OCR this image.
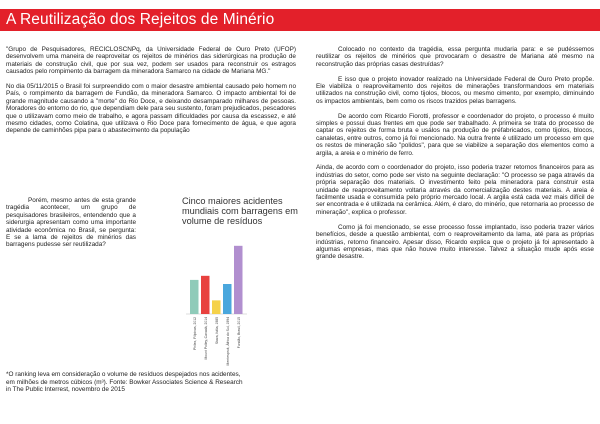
A Reutilização dos Rejeitos de Minério

"Grupo de Pesquisadores, RECICLOSCNPq, da Universidade Federal de Ouro Preto (UFOP) desenvolvem uma maneira de reaproveitar os rejeitos de minérios das siderúrgicas na produção de materiais de construção civil, que por sua vez, podem ser usados para reconstruir os estragos causados pelo rompimento da barragem da mineradora Samarco na cidade de Mariana MG."

No dia 05/11/2015 o Brasil foi surpreendido com o maior desastre ambiental causado pelo homem no País, o rompimento da barragem de Fundão, da mineradora Samarco. O impacto ambiental foi de grande magnitude causando a "morte" do Rio Doce, e deixando desamparado milhares de pessoas. Moradores do entorno do rio, que dependiam dele para seu sustento, foram prejudicados, pescadores que o utilizavam como meio de trabalho, e agora passam dificuldades por causa da escassez, e até mesmo cidades, como Colatina, que utilizava o Rio Doce para fornecimento de água, e que agora depende de caminhões pipa para o abastecimento da população

Porém, mesmo antes de esta grande tragédia acontecer, um grupo de pesquisadores brasileiros, entendendo que a siderurgia apresentam como uma importante atividade econômica no Brasil, se pergunta: E se a lama de rejeitos de minérios das barragens pudesse ser reutilizada?
Cinco maiores acidentes mundiais com barragens em volume de resíduos
Philex, Filipinas, 2012 Mount Polley, Canadá, 2014 Stava, Itália, 1985 Merriespruit, África do Sul, 1994 Fundão, Brasil, 2015
*O ranking leva em consideração o volume de resíduos despejados nos acidentes, em milhões de metros cúbicos (m³). Fonte: Bowker Associates Science & Research in The Public Interrest, novembro de 2015

Colocado no contexto da tragédia, essa pergunta mudaria para: e se pudéssemos reutilizar os rejeitos de minérios que provocaram o desastre de Mariana até mesmo na reconstrução das próprias casas destruídas?

E isso que o projeto inovador realizado na Universidade Federal de Ouro Preto propõe. Ele viabiliza o reaproveitamento dos rejeitos de minerações transformandoos em materiais utilizados na construção civil, como tijolos, blocos, ou mesmo cimento, por exemplo, diminuindo os impactos ambientais, bem como os riscos trazidos pelas barragens.

De acordo com Ricardo Fiorotti, professor e coordenador do projeto, o processo é muito simples e possui duas frentes em que pode ser trabalhado. A primeira se trata do processo de captar os rejeitos de forma bruta e usálos na produção de préfabricados, como tijolos, blocos, canaletas, entre outros, como já foi mencionado. Na outra frente é utilizado um processo em que os restos de mineração são "polidos", para que se viabilize a separação dos elementos como a argila, a areia e o minério de ferro.

Ainda, de acordo com o coordenador do projeto, isso poderia trazer retornos financeiros para as indústrias do setor, como pode ser visto na seguinte declaração: "O processo se paga através da própria separação dos materiais. O investimento feito pela mineradora para construir esta unidade de reaproveitamento voltaria através da comercialização destes materiais. A areia é facilmente usada e consumida pelo próprio mercado local. A argila está cada vez mais difícil de ser encontrada e é utilizada na cerâmica. Além, é claro, do minério, que retornaria ao processo de mineração", explica o professor.

Como já foi mencionado, se esse processo fosse implantado, isso poderia trazer vários benefícios, desde a questão ambiental, com o reaproveitamento da lama, até para as próprias indústrias, retorno financeiro. Apesar disso, Ricardo explica que o projeto já foi apresentado à algumas empresas, mas que não houve muito interesse. Talvez a situação mude após esse grande desastre.
